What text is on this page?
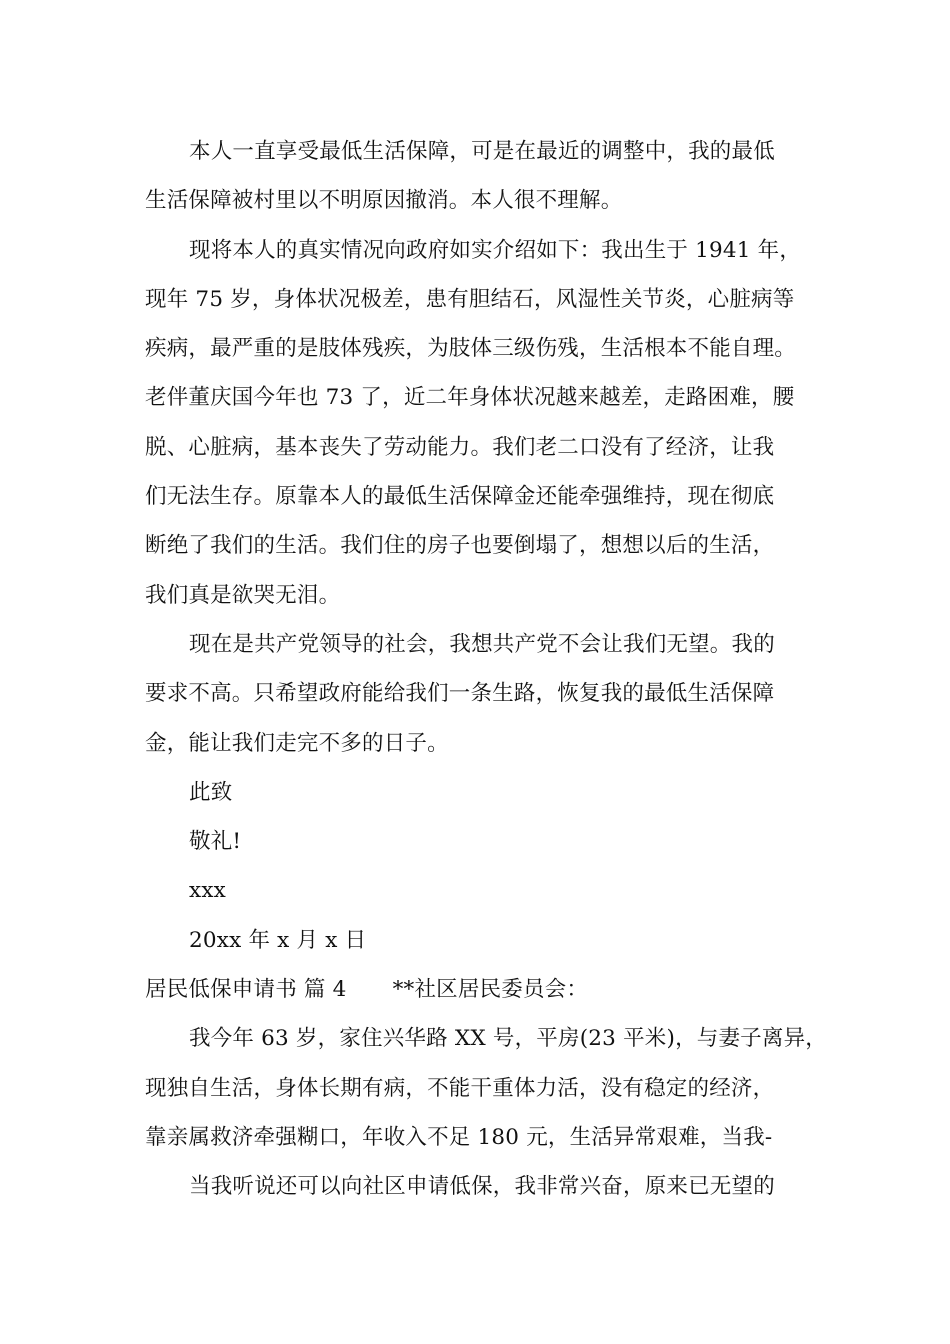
本人一直享受最低生活保障，可是在最近的调整中，我的最低
生活保障被村里以不明原因撤消。本人很不理解。
现将本人的真实情况向政府如实介绍如下：我出生于 1941 年，
现年 75 岁，身体状况极差，患有胆结石，风湿性关节炎，心脏病等
疾病，最严重的是肢体残疾，为肢体三级伤残，生活根本不能自理。
老伴董庆国今年也 73 了，近二年身体状况越来越差，走路困难，腰
脱、心脏病，基本丧失了劳动能力。我们老二口没有了经济，让我
们无法生存。原靠本人的最低生活保障金还能牵强维持，现在彻底
断绝了我们的生活。我们住的房子也要倒塌了，想想以后的生活，
我们真是欲哭无泪。
现在是共产党领导的社会，我想共产党不会让我们无望。我的
要求不高。只希望政府能给我们一条生路，恢复我的最低生活保障
金，能让我们走完不多的日子。
此致
敬礼!
xxx
20xx 年 x 月 x 日
居民低保申请书 篇 4 **社区居民委员会：
我今年 63 岁，家住兴华路 XX 号，平房(23 平米)，与妻子离异，
现独自生活，身体长期有病，不能干重体力活，没有稳定的经济，
靠亲属救济牵强糊口，年收入不足 180 元，生活异常艰难，当我-
当我听说还可以向社区申请低保，我非常兴奋，原来已无望的
